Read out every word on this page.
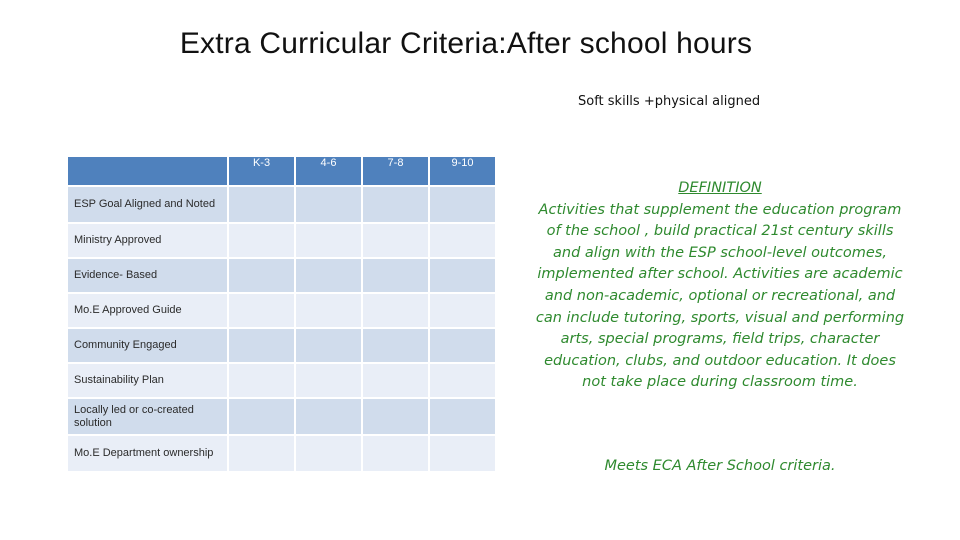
Extra Curricular Criteria:After school hours
Soft skills +physical aligned
	K-3	4-6	7-8	9-10
ESP Goal Aligned and Noted				
Ministry Approved				
Evidence- Based				
Mo.E Approved Guide				
Community Engaged				
Sustainability Plan				
Locally led or co-created solution				
Mo.E Department ownership				
DEFINITION
Activities that supplement the education program of the school , build practical 21st century skills and align with the ESP school-level outcomes, implemented after school. Activities are academic and non-academic, optional or recreational, and can include tutoring, sports, visual and performing arts, special programs, field trips, character education, clubs, and outdoor education. It does not take place during classroom time.
Meets ECA After School criteria.
